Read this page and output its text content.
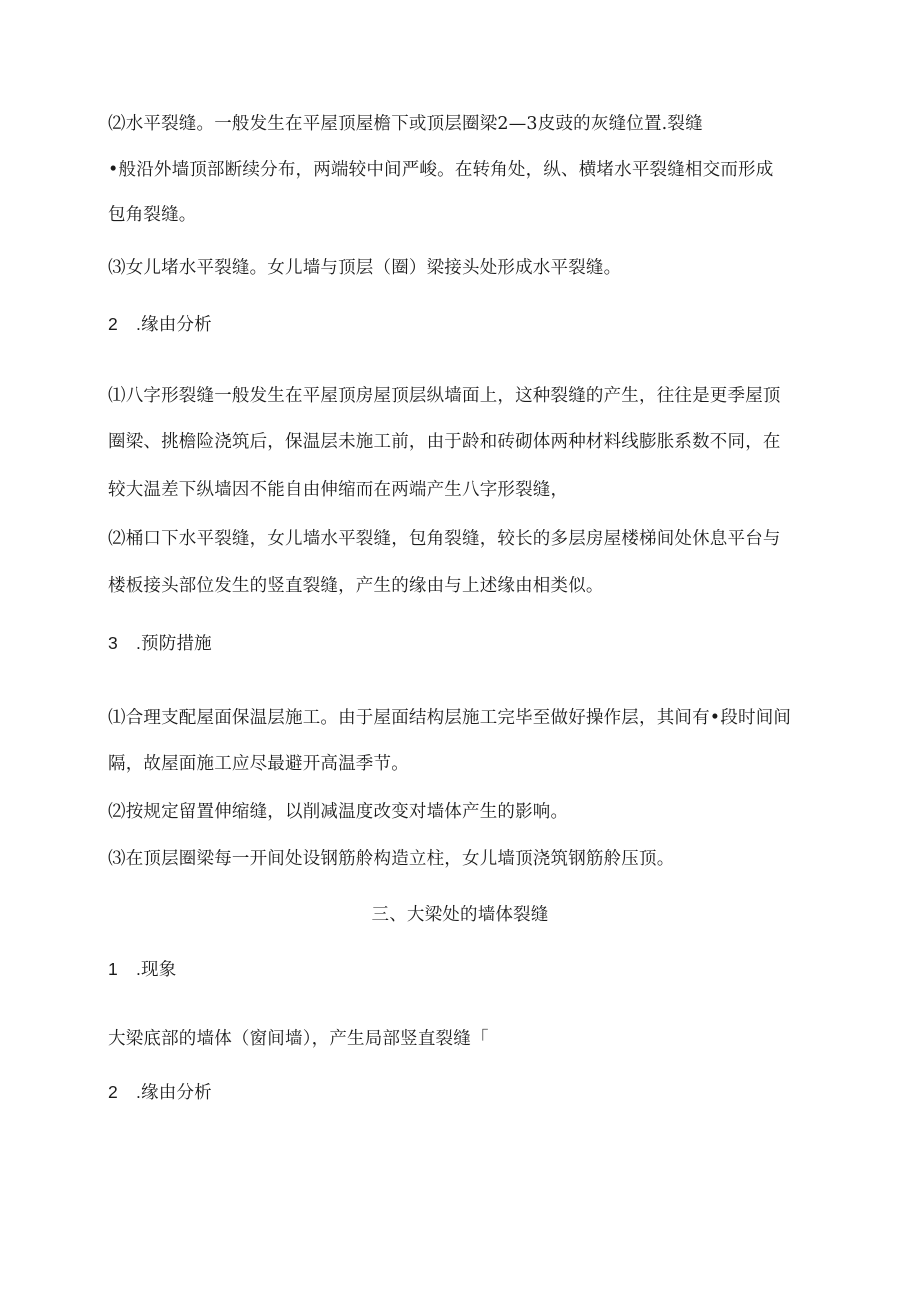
⑵水平裂缝。一般发生在平屋顶屋檐下或顶层圈梁2—3皮豉的灰缝位置.裂缝

•般沿外墙顶部断续分布，两端较中间严峻。在转角处，纵、横堵水平裂缝相交而形成

包角裂缝。

⑶女儿堵水平裂缝。女儿墙与顶层（圈）梁接头处形成水平裂缝。

2 .缘由分析

⑴八字形裂缝一般发生在平屋顶房屋顶层纵墙面上，这种裂缝的产生，往往是更季屋顶

圈梁、挑檐险浇筑后，保温层未施工前，由于龄和砖砌体两种材料线膨胀系数不同，在

较大温差下纵墙因不能自由伸缩而在两端产生八字形裂缝，

⑵桶口下水平裂缝，女儿墙水平裂缝，包角裂缝，较长的多层房屋楼梯间处休息平台与

楼板接头部位发生的竖直裂缝，产生的缘由与上述缘由相类似。

3 .预防措施

⑴合理支配屋面保温层施工。由于屋面结构层施工完毕至做好操作层，其间有•段时间间

隔，故屋面施工应尽最避开高温季节。

⑵按规定留置伸缩缝，以削减温度改变对墙体产生的影响。

⑶在顶层圈梁每一开间处设钢筋舲构造立柱，女儿墙顶浇筑钢筋舲压顶。

三、大梁处的墙体裂缝

1 .现象

大梁底部的墙体（窗间墙），产生局部竖直裂缝「

2 .缘由分析
